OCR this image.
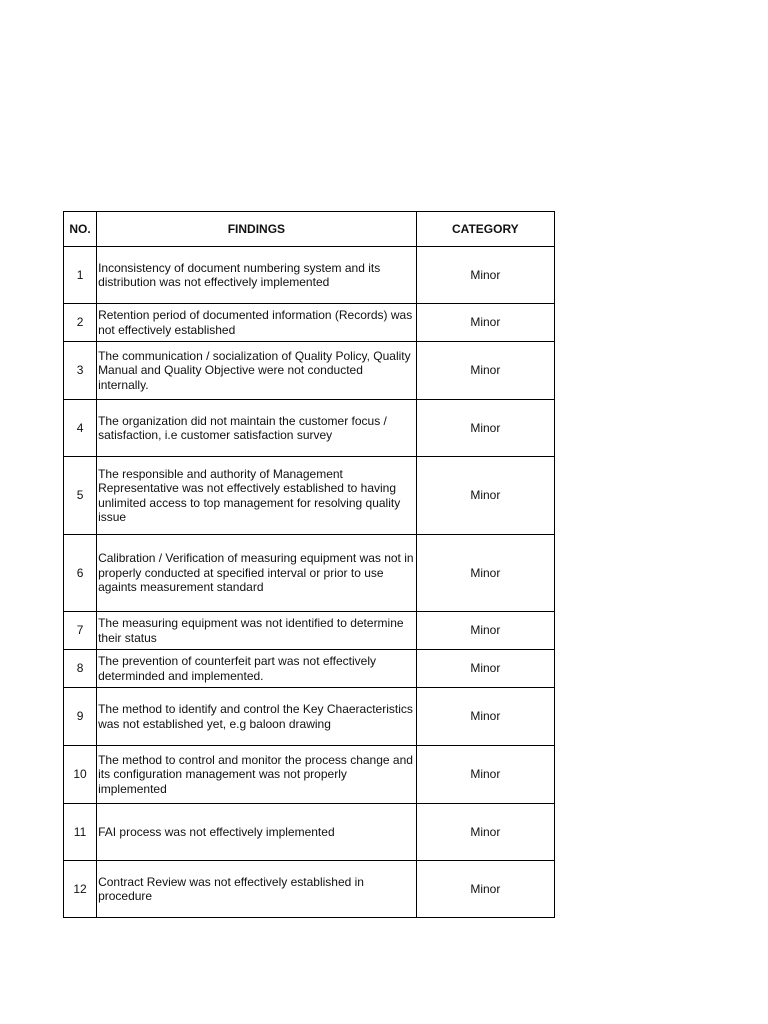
NO.	FINDINGS	CATEGORY
1	Inconsistency of document numbering system and its distribution was not effectively implemented	Minor
2	Retention period of documented information (Records) was not effectively established	Minor
3	The communication / socialization of Quality Policy, Quality Manual and Quality Objective were not conducted internally.	Minor
4	The organization did not maintain the customer focus / satisfaction, i.e customer satisfaction survey	Minor
5	The responsible and authority of Management Representative was not effectively established to having unlimited access to top management for resolving quality issue	Minor
6	Calibration / Verification of measuring equipment was not in properly conducted at specified interval or prior to use againts measurement standard	Minor
7	The measuring equipment was not identified to determine their status	Minor
8	The prevention of counterfeit part was not effectively determinded and implemented.	Minor
9	The method to identify and control the Key Chaeracteristics was not established yet, e.g baloon drawing	Minor
10	The method to control and monitor the process change and its configuration management was not properly implemented	Minor
11	FAI process was not effectively implemented	Minor
12	Contract Review was not effectively established in procedure	Minor
